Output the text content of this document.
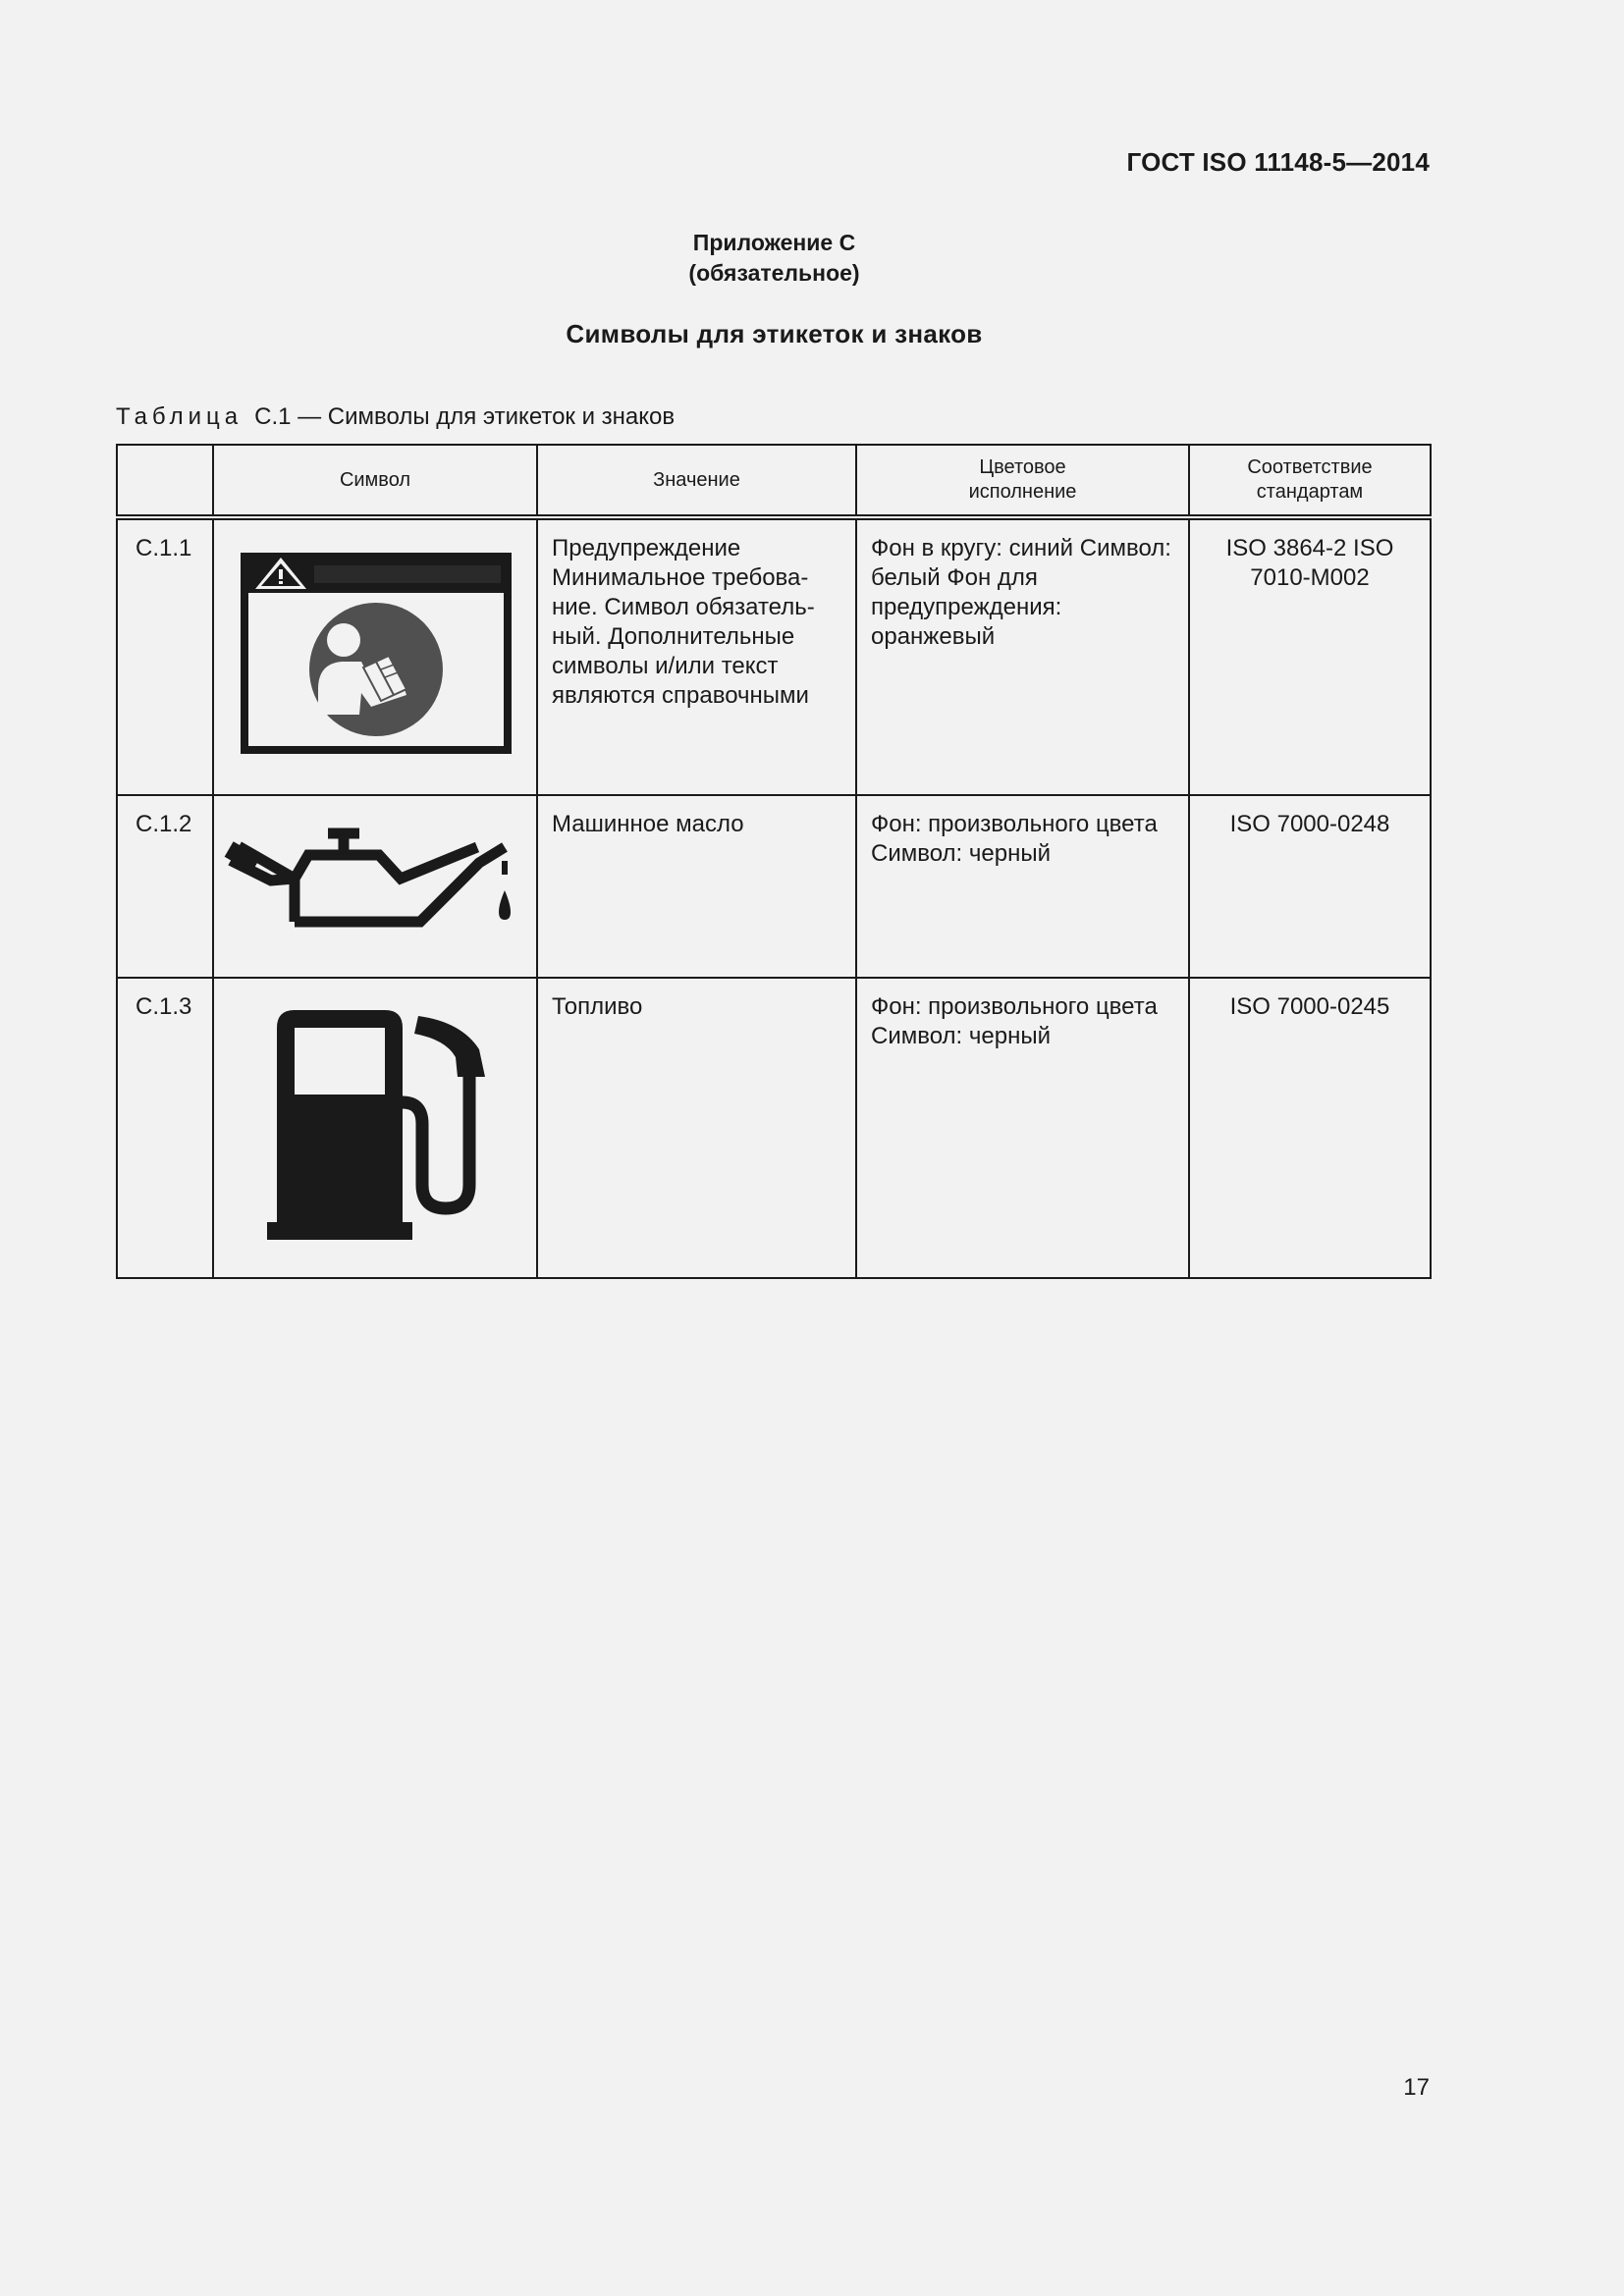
ГОСТ ISO 11148-5—2014
Приложение С
(обязательное)
Символы для этикеток и знаков
Таблица С.1 — Символы для этикеток и знаков
	Символ	Значение	Цветовое исполнение	Соответствие стандартам

С.1.1		Предупреждение Минимальное требова-ние. Символ обязатель-ный. Дополнительные символы и/или текст являются справочными	Фон в кругу: синий Символ: белый Фон для предупреждения: оранжевый	ISO 3864-2 ISO 7010-M002

С.1.2		Машинное масло	Фон: произвольного цвета Символ: черный	ISO 7000-0248
С.1.3		Топливо	Фон: произвольного цвета Символ: черный	ISO 7000-0245
17
